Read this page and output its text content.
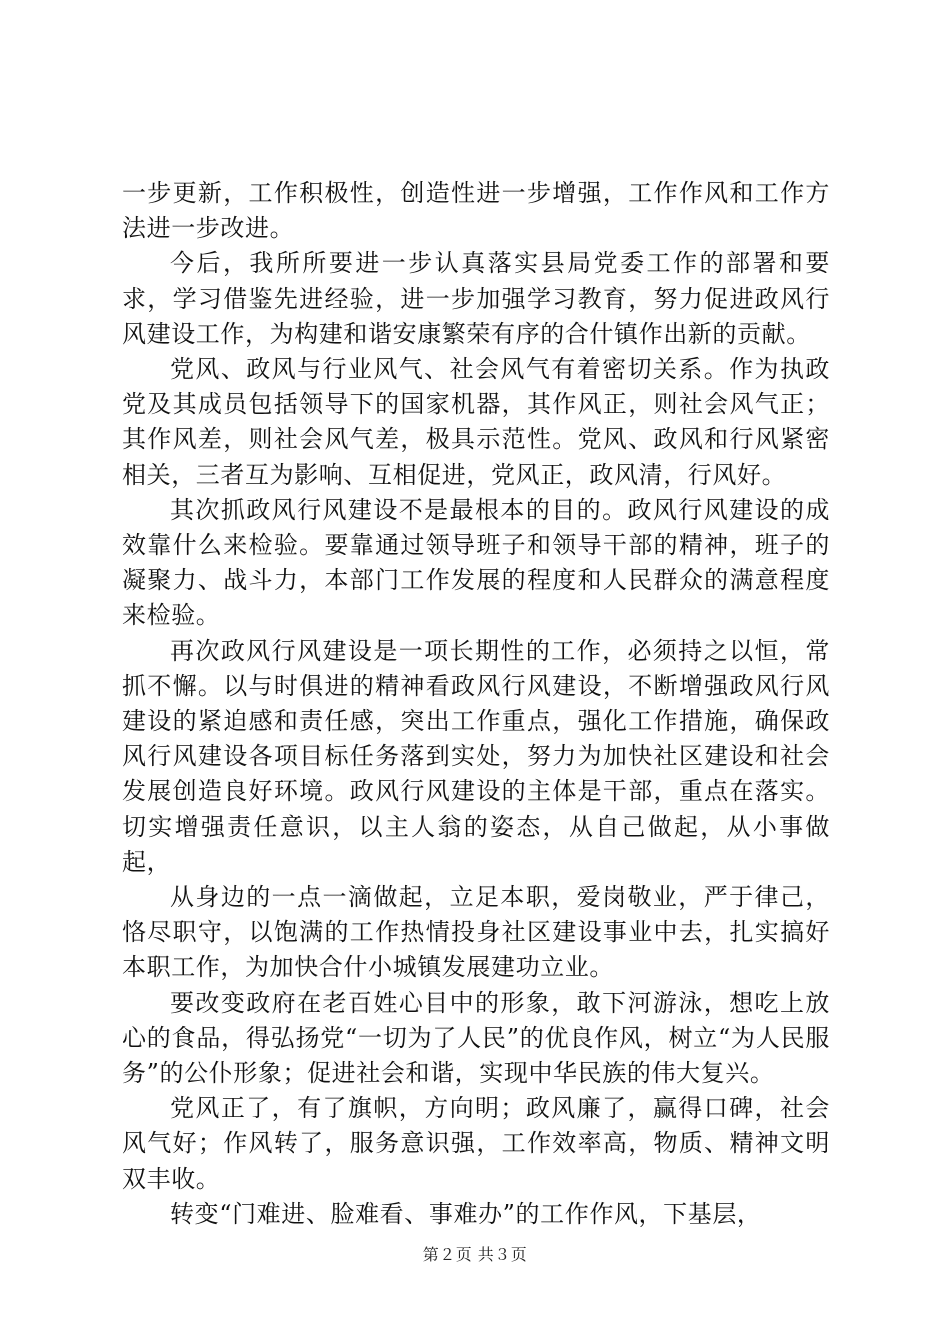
一步更新，工作积极性，创造性进一步增强，工作作风和工作方法进一步改进。

今后，我所所要进一步认真落实县局党委工作的部署和要求，学习借鉴先进经验，进一步加强学习教育，努力促进政风行风建设工作，为构建和谐安康繁荣有序的合什镇作出新的贡献。

党风、政风与行业风气、社会风气有着密切关系。作为执政党及其成员包括领导下的国家机器，其作风正，则社会风气正；其作风差，则社会风气差，极具示范性。党风、政风和行风紧密相关，三者互为影响、互相促进，党风正，政风清，行风好。

其次抓政风行风建设不是最根本的目的。政风行风建设的成效靠什么来检验。要靠通过领导班子和领导干部的精神，班子的凝聚力、战斗力，本部门工作发展的程度和人民群众的满意程度来检验。

再次政风行风建设是一项长期性的工作，必须持之以恒，常抓不懈。以与时俱进的精神看政风行风建设，不断增强政风行风建设的紧迫感和责任感，突出工作重点，强化工作措施，确保政风行风建设各项目标任务落到实处，努力为加快社区建设和社会发展创造良好环境。政风行风建设的主体是干部，重点在落实。切实增强责任意识，以主人翁的姿态，从自己做起，从小事做起，

从身边的一点一滴做起，立足本职，爱岗敬业，严于律己，恪尽职守，以饱满的工作热情投身社区建设事业中去，扎实搞好本职工作，为加快合什小城镇发展建功立业。

要改变政府在老百姓心目中的形象，敢下河游泳，想吃上放心的食品，得弘扬党“一切为了人民”的优良作风，树立“为人民服务”的公仆形象；促进社会和谐，实现中华民族的伟大复兴。

党风正了，有了旗帜，方向明；政风廉了，赢得口碑，社会风气好；作风转了，服务意识强，工作效率高，物质、精神文明双丰收。

转变“门难进、脸难看、事难办”的工作作风，下基层，

第２页 共３页
